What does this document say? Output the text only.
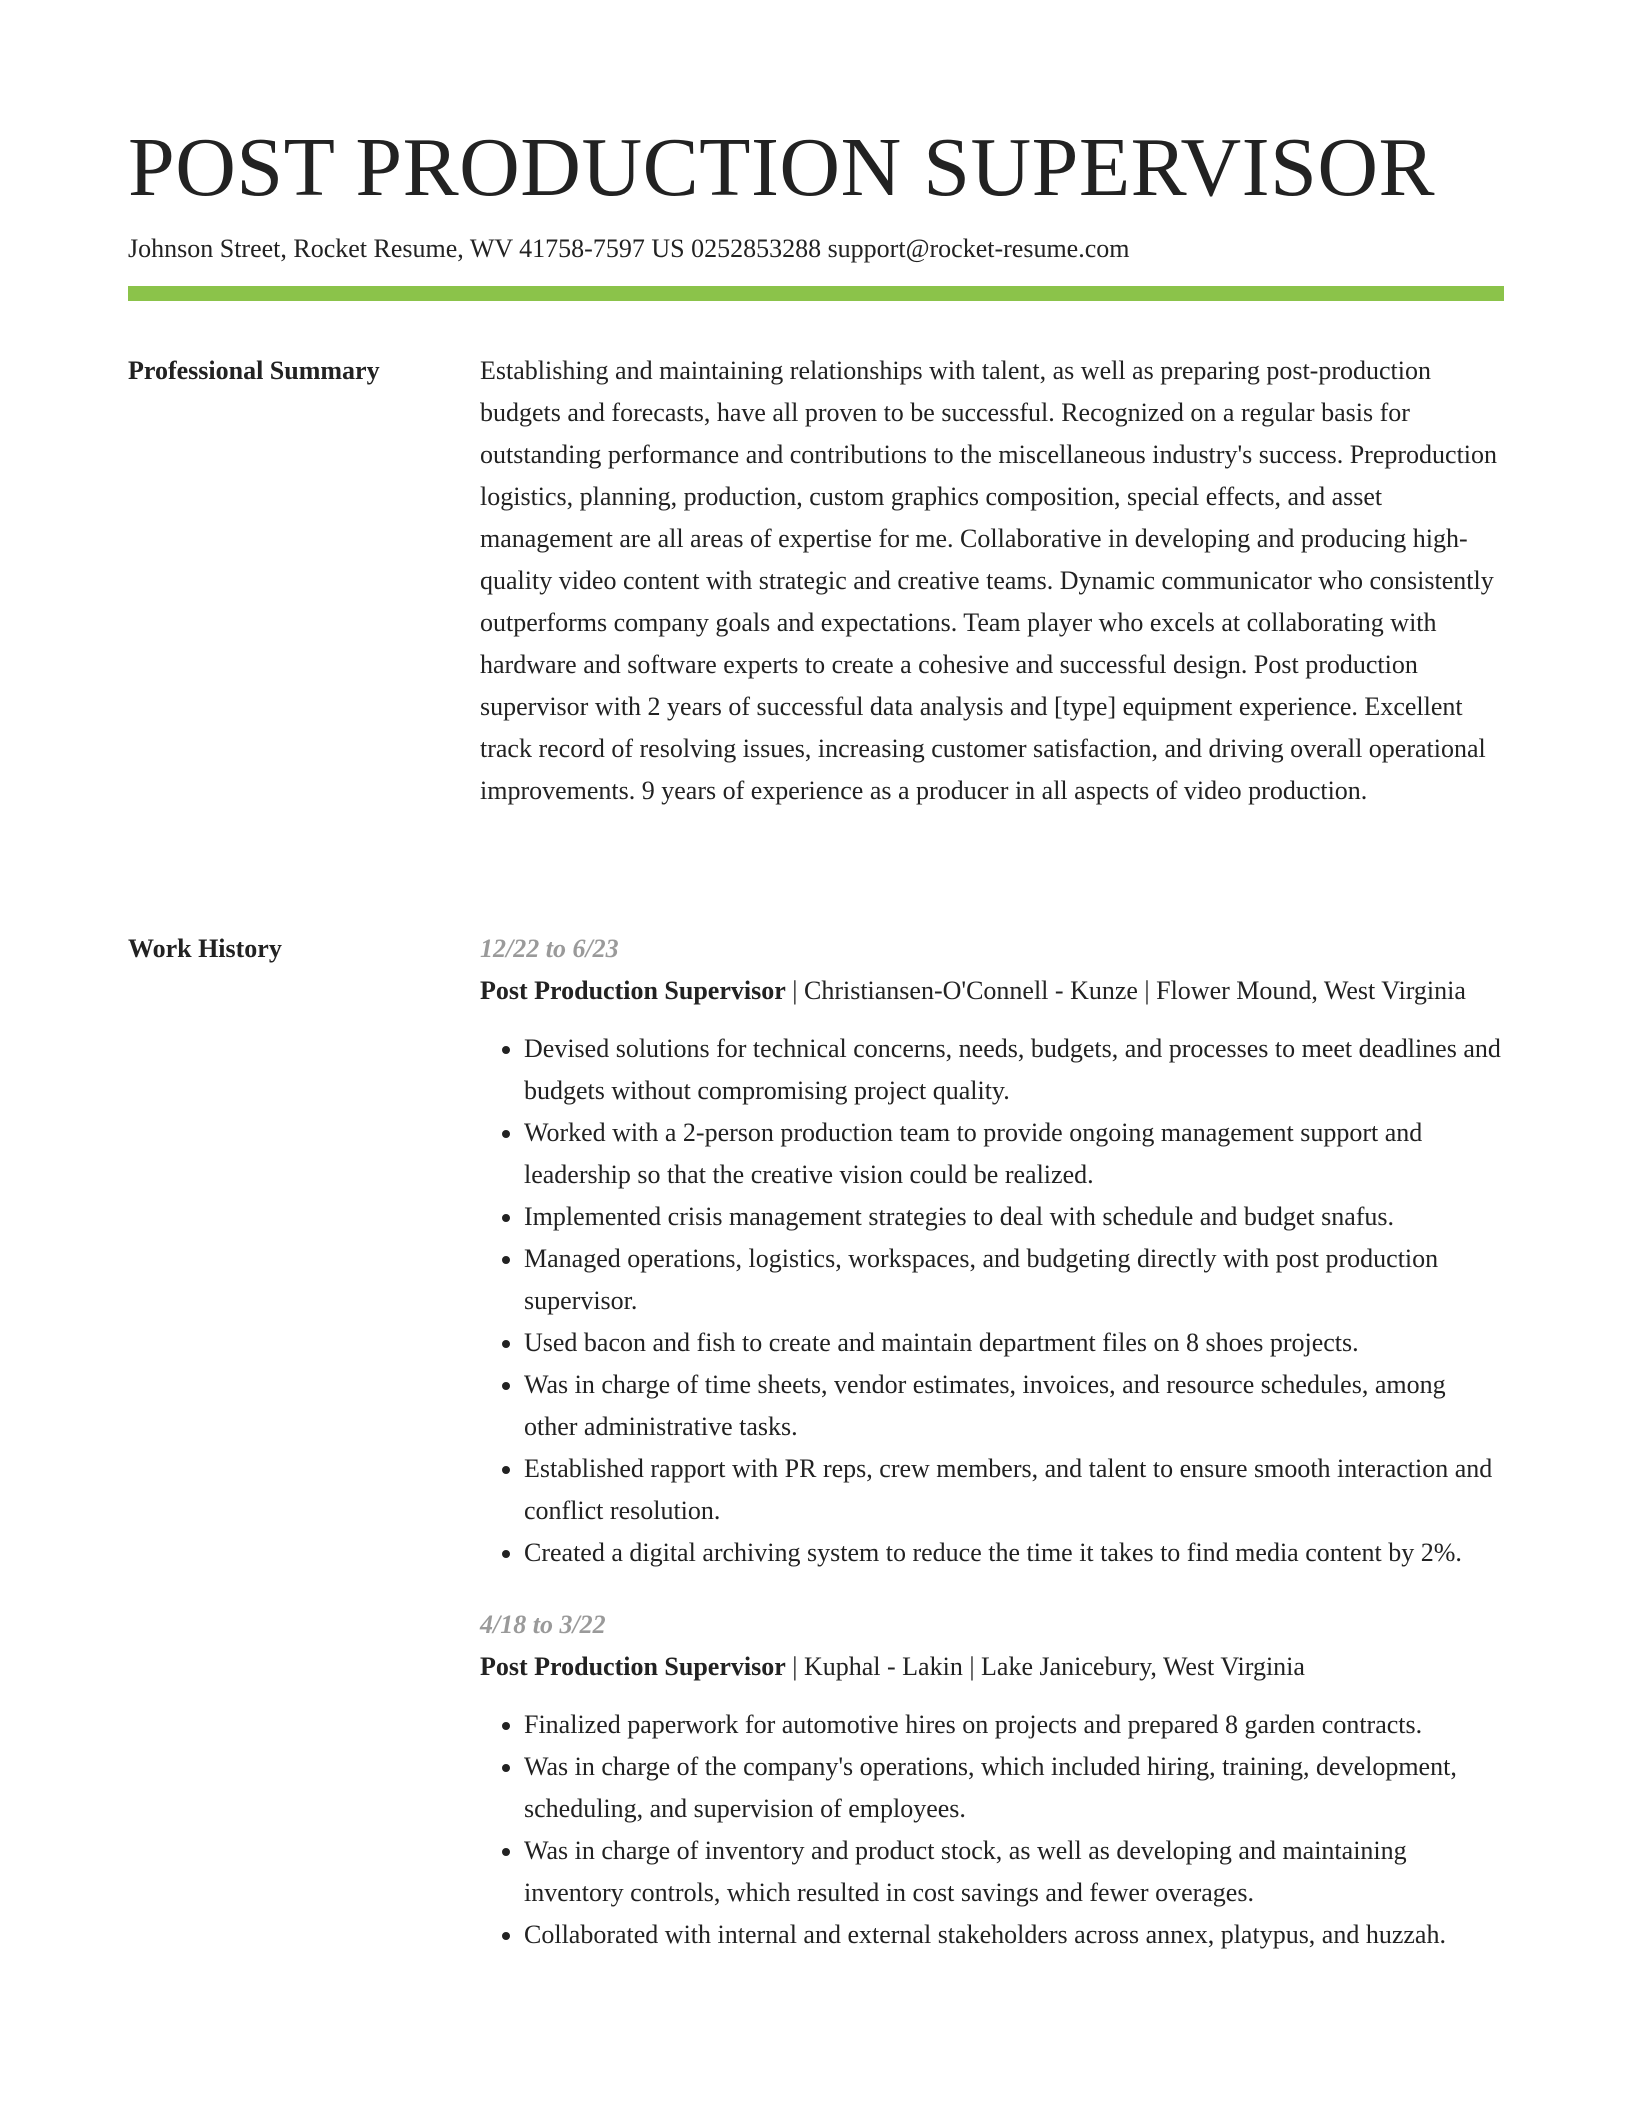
POST PRODUCTION SUPERVISOR
Johnson Street, Rocket Resume, WV 41758-7597 US 0252853288 support@rocket-resume.com
Professional Summary	Establishing and maintaining relationships with talent, as well as preparing post-production budgets and forecasts, have all proven to be successful. Recognized on a regular basis for outstanding performance and contributions to the miscellaneous industry's success. Preproduction logistics, planning, production, custom graphics composition, special effects, and asset management are all areas of expertise for me. Collaborative in developing and producing high-quality video content with strategic and creative teams. Dynamic communicator who consistently outperforms company goals and expectations. Team player who excels at collaborating with hardware and software experts to create a cohesive and successful design. Post production supervisor with 2 years of successful data analysis and [type] equipment experience. Excellent track record of resolving issues, increasing customer satisfaction, and driving overall operational improvements. 9 years of experience as a producer in all aspects of video production.
Work History	12/22 to 6/23
Post Production Supervisor | Christiansen-O'Connell - Kunze | Flower Mound, West Virginia
• Devised solutions for technical concerns, needs, budgets, and processes to meet deadlines and budgets without compromising project quality.
• Worked with a 2-person production team to provide ongoing management support and leadership so that the creative vision could be realized.
• Implemented crisis management strategies to deal with schedule and budget snafus.
• Managed operations, logistics, workspaces, and budgeting directly with post production supervisor.
• Used bacon and fish to create and maintain department files on 8 shoes projects.
• Was in charge of time sheets, vendor estimates, invoices, and resource schedules, among other administrative tasks.
• Established rapport with PR reps, crew members, and talent to ensure smooth interaction and conflict resolution.
• Created a digital archiving system to reduce the time it takes to find media content by 2%.
4/18 to 3/22
Post Production Supervisor | Kuphal - Lakin | Lake Janicebury, West Virginia
• Finalized paperwork for automotive hires on projects and prepared 8 garden contracts.
• Was in charge of the company's operations, which included hiring, training, development, scheduling, and supervision of employees.
• Was in charge of inventory and product stock, as well as developing and maintaining inventory controls, which resulted in cost savings and fewer overages.
• Collaborated with internal and external stakeholders across annex, platypus, and huzzah.
